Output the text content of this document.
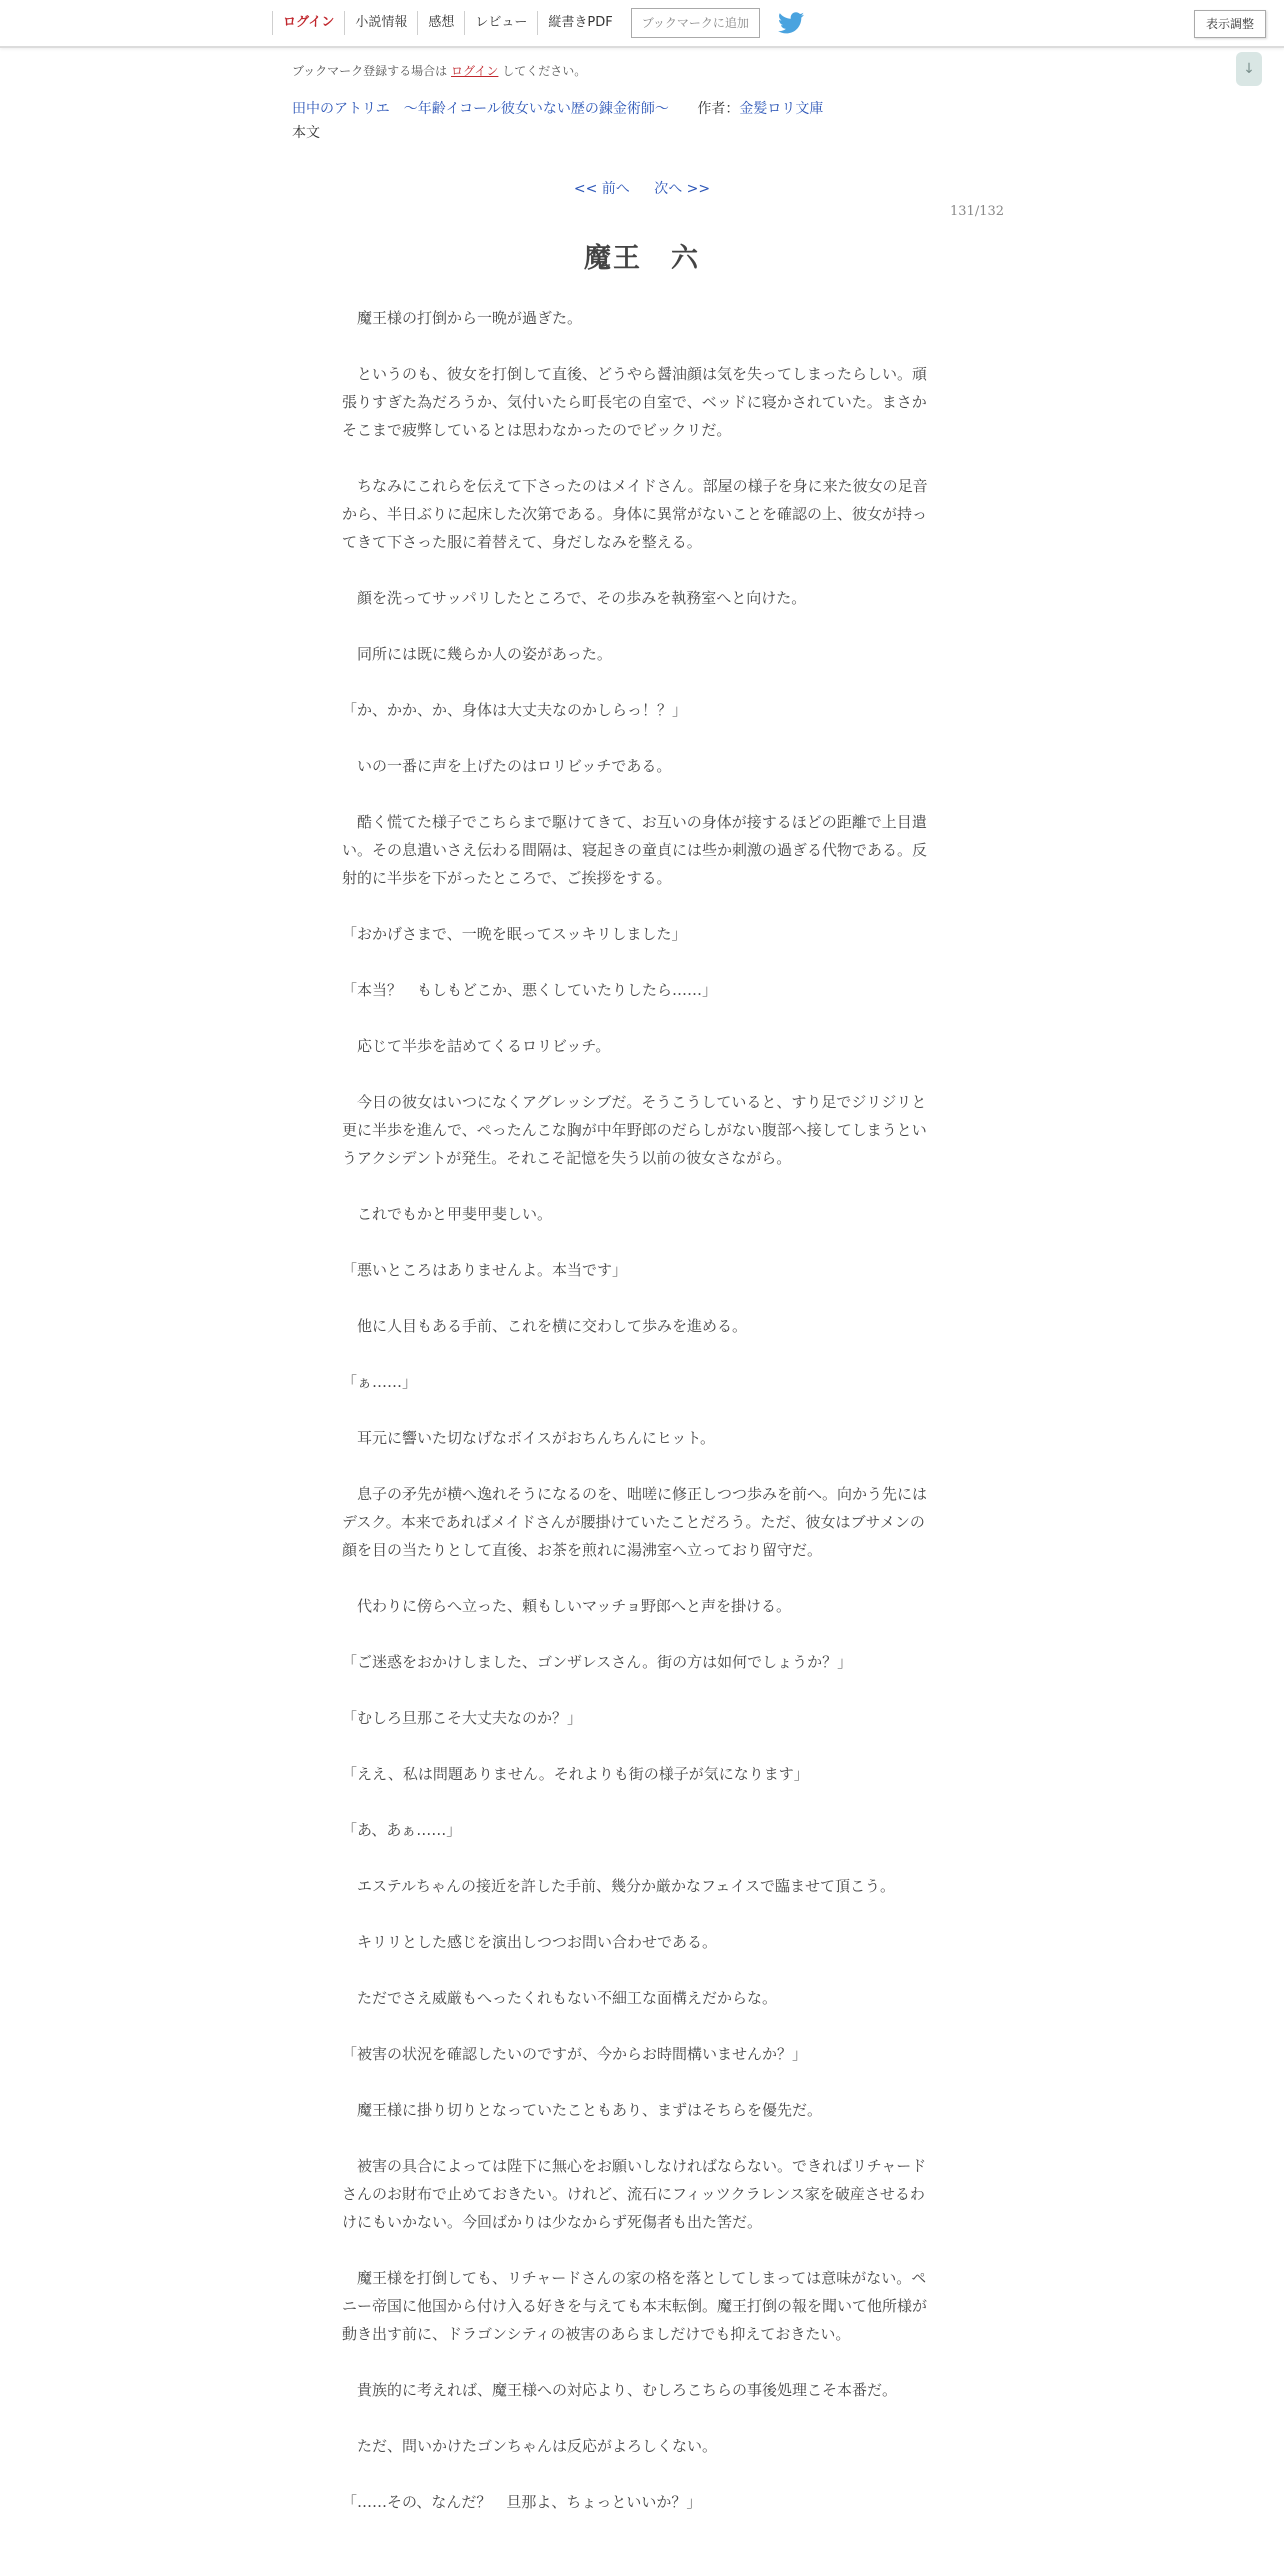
ログイン	小説情報	感想	レビュー	縦書きPDF	ブックマークに追加	表示調整
↓
ブックマーク登録する場合は ログイン してください。
田中のアトリエ　～年齢イコール彼女いない歴の錬金術師～ 作者：金髪ロリ文庫
本文
<< 前へ 次へ >>
131/132
魔王　六

　魔王様の打倒から一晩が過ぎた。

　というのも、彼女を打倒して直後、どうやら醤油顔は気を失ってしまったらしい。頑張りすぎた為だろうか、気付いたら町長宅の自室で、ベッドに寝かされていた。まさかそこまで疲弊しているとは思わなかったのでビックリだ。

　ちなみにこれらを伝えて下さったのはメイドさん。部屋の様子を身に来た彼女の足音から、半日ぶりに起床した次第である。身体に異常がないことを確認の上、彼女が持ってきて下さった服に着替えて、身だしなみを整える。

　顔を洗ってサッパリしたところで、その歩みを執務室へと向けた。

　同所には既に幾らか人の姿があった。

「か、かか、か、身体は大丈夫なのかしらっ！？」

　いの一番に声を上げたのはロリビッチである。

　酷く慌てた様子でこちらまで駆けてきて、お互いの身体が接するほどの距離で上目遣い。その息遣いさえ伝わる間隔は、寝起きの童貞には些か刺激の過ぎる代物である。反射的に半歩を下がったところで、ご挨拶をする。

「おかげさまで、一晩を眠ってスッキリしました」

「本当？　もしもどこか、悪くしていたりしたら……」

　応じて半歩を詰めてくるロリビッチ。

　今日の彼女はいつになくアグレッシブだ。そうこうしていると、すり足でジリジリと更に半歩を進んで、ぺったんこな胸が中年野郎のだらしがない腹部へ接してしまうというアクシデントが発生。それこそ記憶を失う以前の彼女さながら。

　これでもかと甲斐甲斐しい。

「悪いところはありませんよ。本当です」

　他に人目もある手前、これを横に交わして歩みを進める。

「ぁ……」

　耳元に響いた切なげなボイスがおちんちんにヒット。

　息子の矛先が横へ逸れそうになるのを、咄嗟に修正しつつ歩みを前へ。向かう先にはデスク。本来であればメイドさんが腰掛けていたことだろう。ただ、彼女はブサメンの顔を目の当たりとして直後、お茶を煎れに湯沸室へ立っており留守だ。

　代わりに傍らへ立った、頼もしいマッチョ野郎へと声を掛ける。

「ご迷惑をおかけしました、ゴンザレスさん。街の方は如何でしょうか？」

「むしろ旦那こそ大丈夫なのか？」

「ええ、私は問題ありません。それよりも街の様子が気になります」

「あ、あぁ……」

　エステルちゃんの接近を許した手前、幾分か厳かなフェイスで臨ませて頂こう。

　キリリとした感じを演出しつつお問い合わせである。

　ただでさえ威厳もへったくれもない不細工な面構えだからな。

「被害の状況を確認したいのですが、今からお時間構いませんか？」

　魔王様に掛り切りとなっていたこともあり、まずはそちらを優先だ。

　被害の具合によっては陛下に無心をお願いしなければならない。できればリチャードさんのお財布で止めておきたい。けれど、流石にフィッツクラレンス家を破産させるわけにもいかない。今回ばかりは少なからず死傷者も出た筈だ。

　魔王様を打倒しても、リチャードさんの家の格を落としてしまっては意味がない。ペニー帝国に他国から付け入る好きを与えても本末転倒。魔王打倒の報を聞いて他所様が動き出す前に、ドラゴンシティの被害のあらましだけでも抑えておきたい。

　貴族的に考えれば、魔王様への対応より、むしろこちらの事後処理こそ本番だ。

　ただ、問いかけたゴンちゃんは反応がよろしくない。

「……その、なんだ？　旦那よ、ちょっといいか？」
